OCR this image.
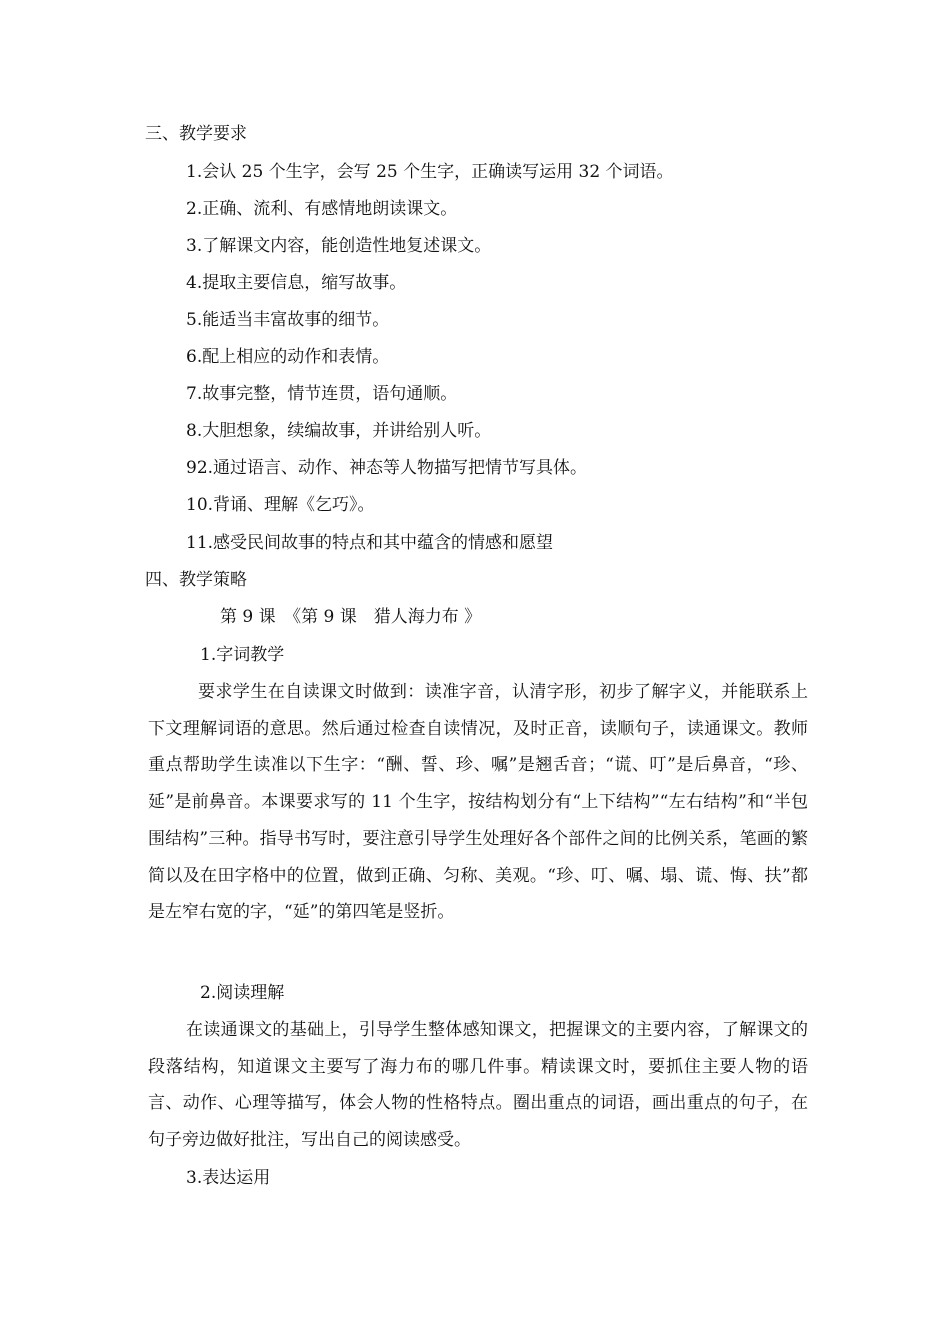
三、教学要求
1.会认 25 个生字，会写 25 个生字，正确读写运用 32 个词语。
2.正确、流利、有感情地朗读课文。
3.了解课文内容，能创造性地复述课文。
4.提取主要信息，缩写故事。
5.能适当丰富故事的细节。
6.配上相应的动作和表情。
7.故事完整，情节连贯，语句通顺。
8.大胆想象，续编故事，并讲给别人听。
92.通过语言、动作、神态等人物描写把情节写具体。
10.背诵、理解《乞巧》。
11.感受民间故事的特点和其中蕴含的情感和愿望
四、教学策略
第 9 课　《第 9 课　猎人海力布 》
1.字词教学
要求学生在自读课文时做到：读准字音，认清字形，初步了解字义，并能联系上下文理解词语的意思。然后通过检查自读情况，及时正音，读顺句子，读通课文。教师重点帮助学生读准以下生字：“酬、誓、珍、嘱”是翘舌音；“谎、叮”是后鼻音，“珍、延”是前鼻音。本课要求写的 11 个生字，按结构划分有“上下结构”“左右结构”和“半包围结构”三种。指导书写时，要注意引导学生处理好各个部件之间的比例关系，笔画的繁简以及在田字格中的位置，做到正确、匀称、美观。“珍、叮、嘱、塌、谎、悔、扶”都是左窄右宽的字，“延”的第四笔是竖折。
2.阅读理解
在读通课文的基础上，引导学生整体感知课文，把握课文的主要内容，了解课文的段落结构，知道课文主要写了海力布的哪几件事。精读课文时，要抓住主要人物的语言、动作、心理等描写，体会人物的性格特点。圈出重点的词语，画出重点的句子，在句子旁边做好批注，写出自己的阅读感受。
3.表达运用
